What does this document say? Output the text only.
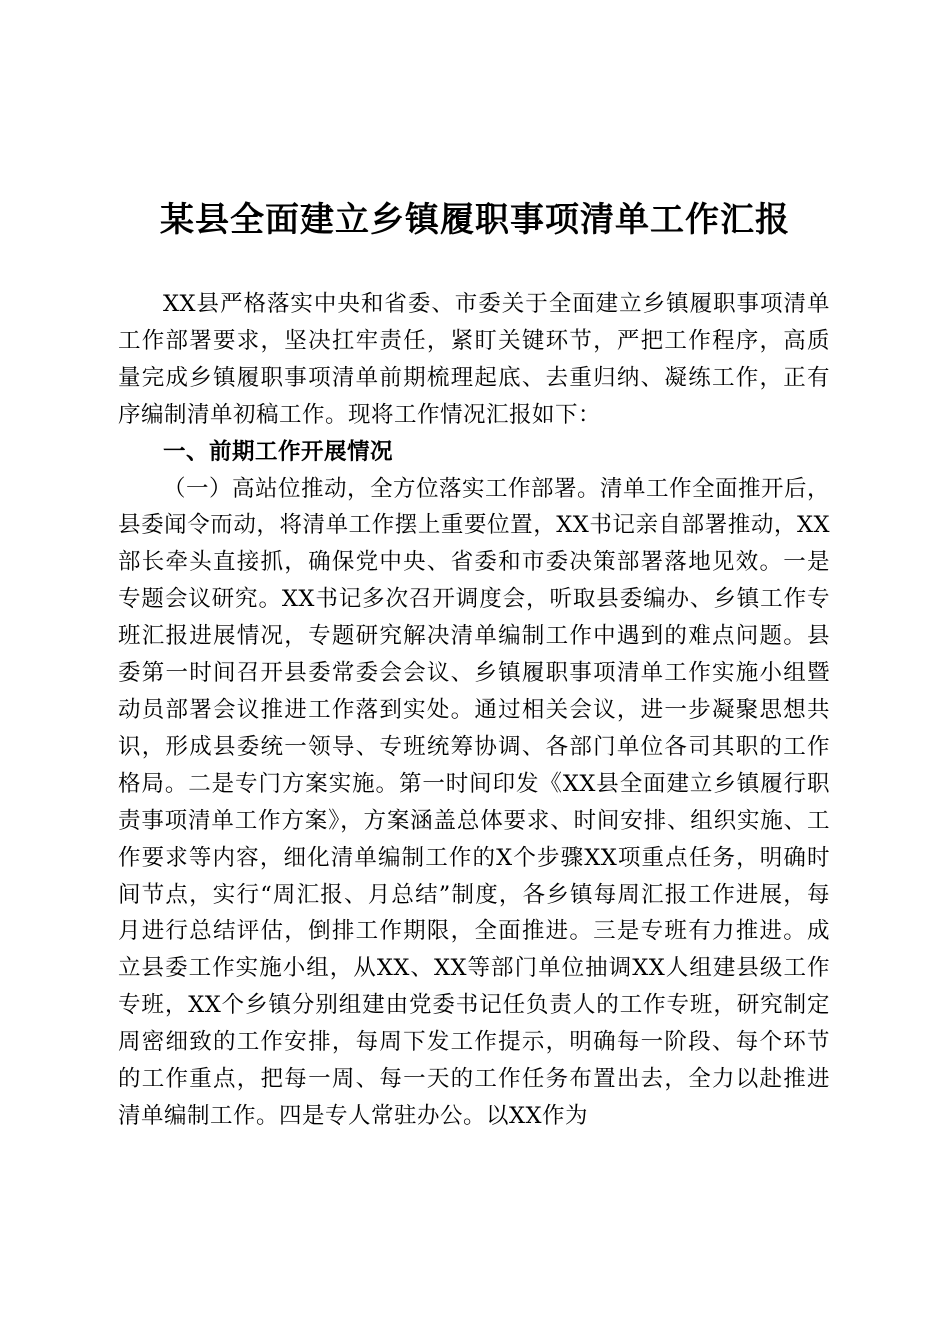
某县全面建立乡镇履职事项清单工作汇报

XX县严格落实中央和省委、市委关于全面建立乡镇履职事项清单工作部署要求，坚决扛牢责任，紧盯关键环节，严把工作程序，高质量完成乡镇履职事项清单前期梳理起底、去重归纳、凝练工作，正有序编制清单初稿工作。现将工作情况汇报如下：

一、前期工作开展情况

（一）高站位推动，全方位落实工作部署。清单工作全面推开后，县委闻令而动，将清单工作摆上重要位置，XX书记亲自部署推动，XX部长牵头直接抓，确保党中央、省委和市委决策部署落地见效。一是专题会议研究。XX书记多次召开调度会，听取县委编办、乡镇工作专班汇报进展情况，专题研究解决清单编制工作中遇到的难点问题。县委第一时间召开县委常委会会议、乡镇履职事项清单工作实施小组暨动员部署会议推进工作落到实处。通过相关会议，进一步凝聚思想共识，形成县委统一领导、专班统筹协调、各部门单位各司其职的工作格局。二是专门方案实施。第一时间印发《XX县全面建立乡镇履行职责事项清单工作方案》，方案涵盖总体要求、时间安排、组织实施、工作要求等内容，细化清单编制工作的X个步骤XX项重点任务，明确时间节点，实行“周汇报、月总结”制度，各乡镇每周汇报工作进展，每月进行总结评估，倒排工作期限，全面推进。三是专班有力推进。成立县委工作实施小组，从XX、XX等部门单位抽调XX人组建县级工作专班，XX个乡镇分别组建由党委书记任负责人的工作专班，研究制定周密细致的工作安排，每周下发工作提示，明确每一阶段、每个环节的工作重点，把每一周、每一天的工作任务布置出去，全力以赴推进清单编制工作。四是专人常驻办公。以XX作为
